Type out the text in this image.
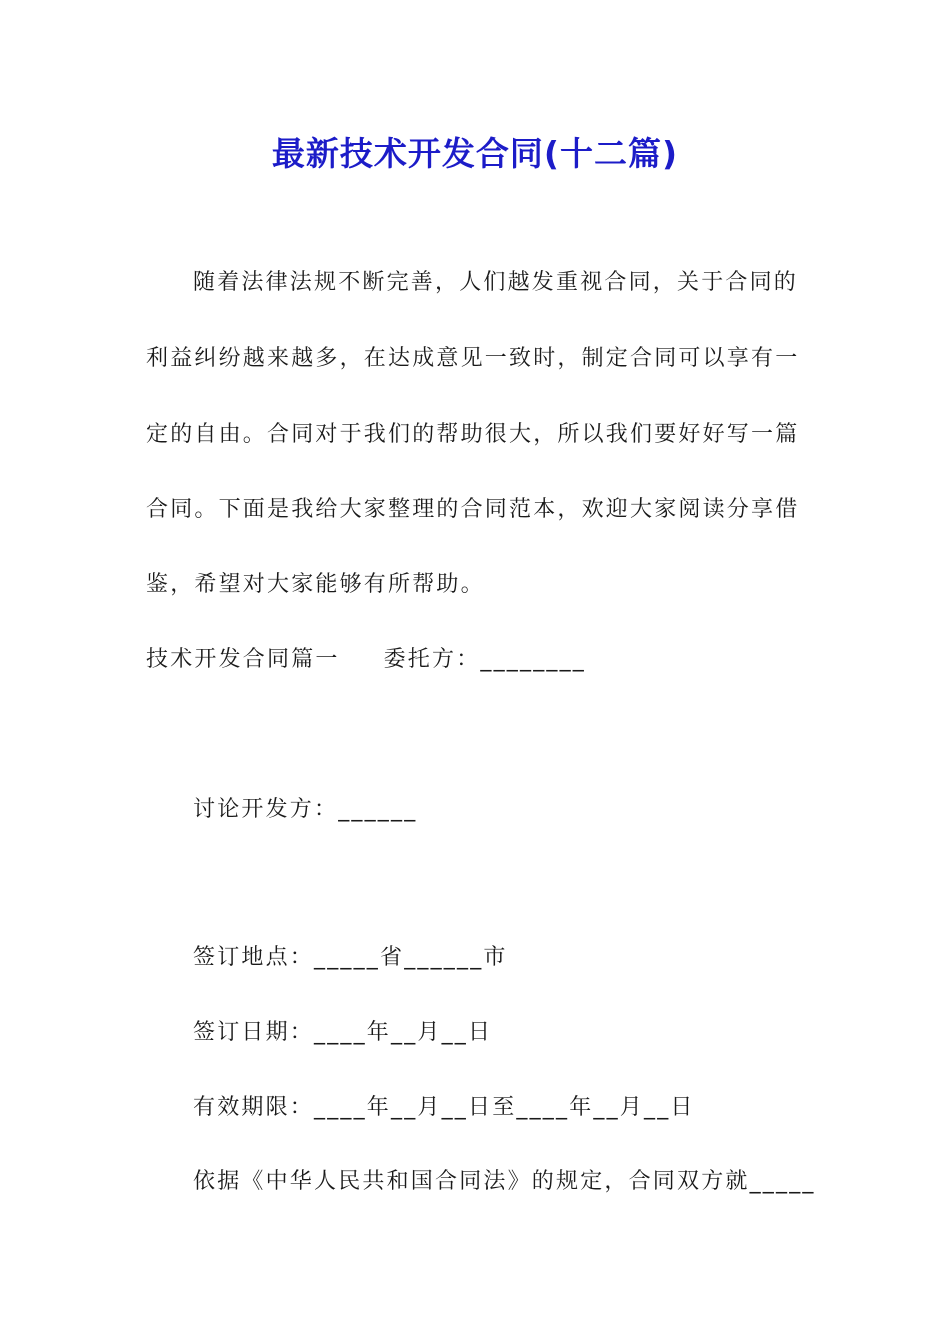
最新技术开发合同(十二篇)
随着法律法规不断完善，人们越发重视合同，关于合同的
利益纠纷越来越多，在达成意见一致时，制定合同可以享有一
定的自由。合同对于我们的帮助很大，所以我们要好好写一篇
合同。下面是我给大家整理的合同范本，欢迎大家阅读分享借
鉴，希望对大家能够有所帮助。
技术开发合同篇一 委托方：________
讨论开发方：______
签订地点：_____省______市
签订日期：____年__月__日
有效期限：____年__月__日至____年__月__日
依据《中华人民共和国合同法》的规定，合同双方就_____
